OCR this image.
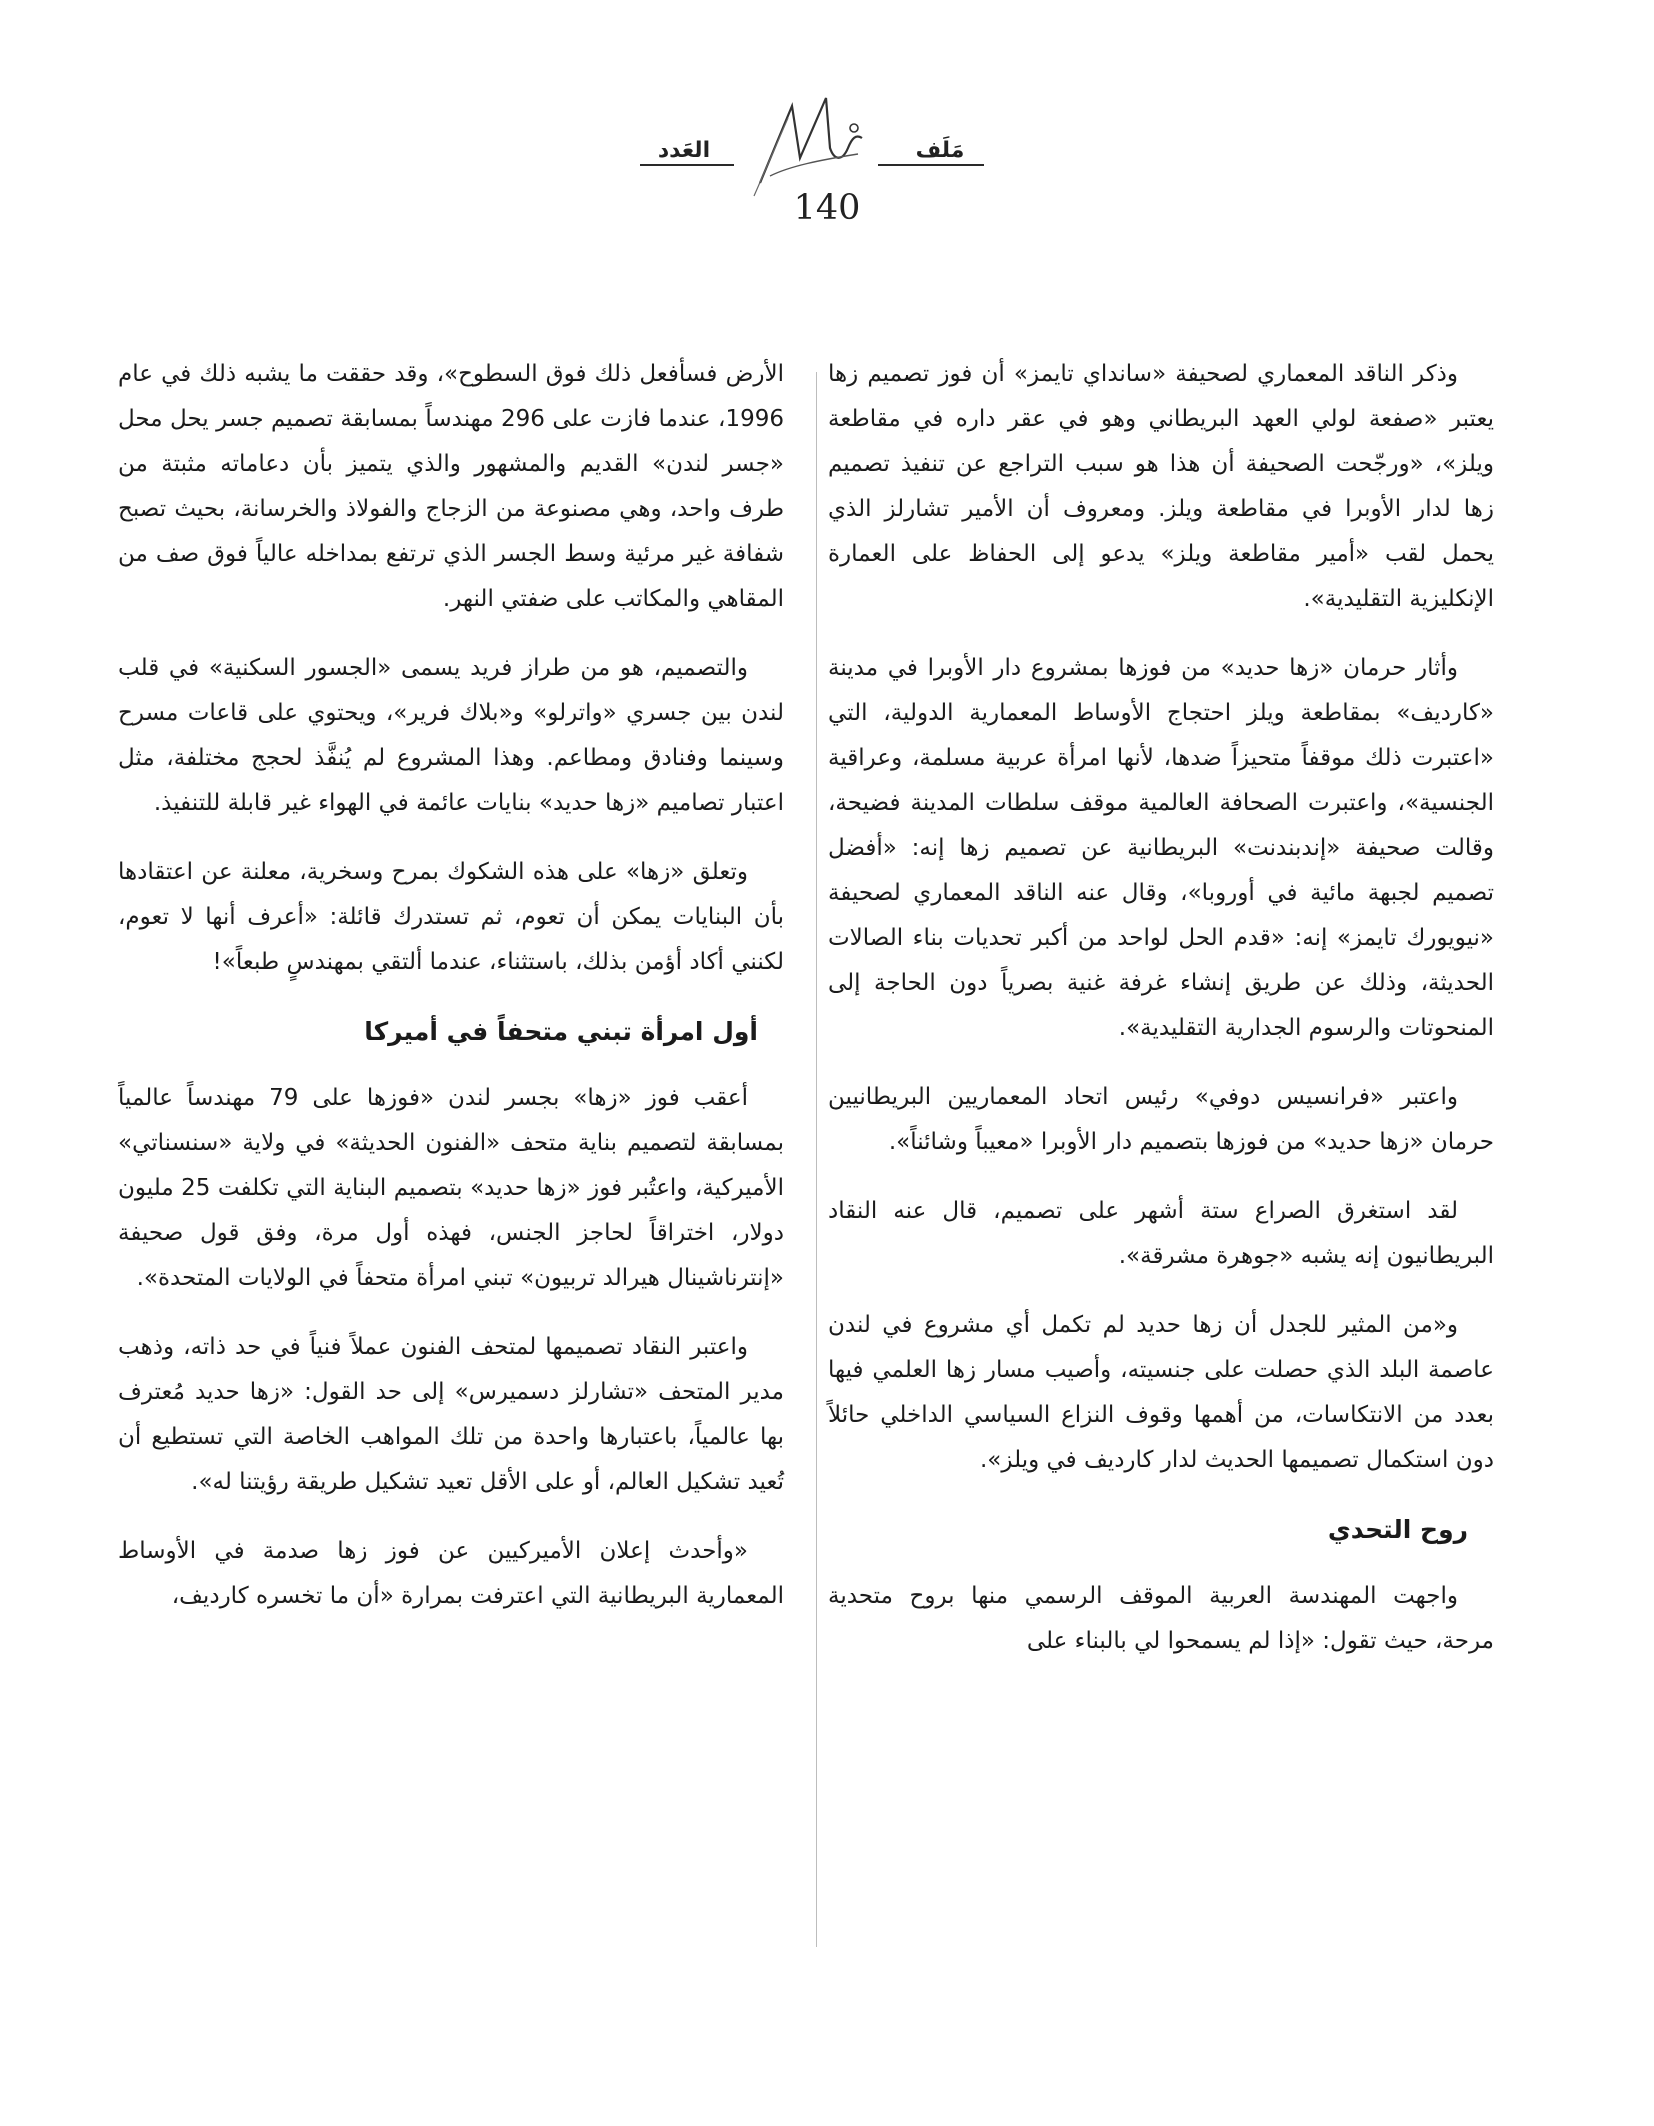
مَلَف
العَدد
140

وذكر الناقد المعماري لصحيفة «سانداي تايمز» أن فوز تصميم زها يعتبر «صفعة لولي العهد البريطاني وهو في عقر داره في مقاطعة ويلز»، «ورجّحت الصحيفة أن هذا هو سبب التراجع عن تنفيذ تصميم زها لدار الأوبرا في مقاطعة ويلز. ومعروف أن الأمير تشارلز الذي يحمل لقب «أمير مقاطعة ويلز» يدعو إلى الحفاظ على العمارة الإنكليزية التقليدية».

وأثار حرمان «زها حديد» من فوزها بمشروع دار الأوبرا في مدينة «كارديف» بمقاطعة ويلز احتجاج الأوساط المعمارية الدولية، التي «اعتبرت ذلك موقفاً متحيزاً ضدها، لأنها امرأة عربية مسلمة، وعراقية الجنسية»، واعتبرت الصحافة العالمية موقف سلطات المدينة فضيحة، وقالت صحيفة «إندبندنت» البريطانية عن تصميم زها إنه: «أفضل تصميم لجبهة مائية في أوروبا»، وقال عنه الناقد المعماري لصحيفة «نيويورك تايمز» إنه: «قدم الحل لواحد من أكبر تحديات بناء الصالات الحديثة، وذلك عن طريق إنشاء غرفة غنية بصرياً دون الحاجة إلى المنحوتات والرسوم الجدارية التقليدية».

واعتبر «فرانسيس دوفي» رئيس اتحاد المعماريين البريطانيين حرمان «زها حديد» من فوزها بتصميم دار الأوبرا «معيباً وشائناً».

لقد استغرق الصراع ستة أشهر على تصميم، قال عنه النقاد البريطانيون إنه يشبه «جوهرة مشرقة».

و«من المثير للجدل أن زها حديد لم تكمل أي مشروع في لندن عاصمة البلد الذي حصلت على جنسيته، وأصيب مسار زها العلمي فيها بعدد من الانتكاسات، من أهمها وقوف النزاع السياسي الداخلي حائلاً دون استكمال تصميمها الحديث لدار كارديف في ويلز».

روح التحدي

واجهت المهندسة العربية الموقف الرسمي منها بروح متحدية مرحة، حيث تقول: «إذا لم يسمحوا لي بالبناء على

الأرض فسأفعل ذلك فوق السطوح»، وقد حققت ما يشبه ذلك في عام 1996، عندما فازت على 296 مهندساً بمسابقة تصميم جسر يحل محل «جسر لندن» القديم والمشهور والذي يتميز بأن دعاماته مثبتة من طرف واحد، وهي مصنوعة من الزجاج والفولاذ والخرسانة، بحيث تصبح شفافة غير مرئية وسط الجسر الذي ترتفع بمداخله عالياً فوق صف من المقاهي والمكاتب على ضفتي النهر.

والتصميم، هو من طراز فريد يسمى «الجسور السكنية» في قلب لندن بين جسري «واترلو» و«بلاك فرير»، ويحتوي على قاعات مسرح وسينما وفنادق ومطاعم. وهذا المشروع لم يُنفَّذ لحجج مختلفة، مثل اعتبار تصاميم «زها حديد» بنايات عائمة في الهواء غير قابلة للتنفيذ.

وتعلق «زها» على هذه الشكوك بمرح وسخرية، معلنة عن اعتقادها بأن البنايات يمكن أن تعوم، ثم تستدرك قائلة: «أعرف أنها لا تعوم، لكنني أكاد أؤمن بذلك، باستثناء، عندما ألتقي بمهندسٍ طبعاً»!

أول امرأة تبني متحفاً في أميركا

أعقب فوز «زها» بجسر لندن «فوزها على 79 مهندساً عالمياً بمسابقة لتصميم بناية متحف «الفنون الحديثة» في ولاية «سنسناتي» الأميركية، واعتُبر فوز «زها حديد» بتصميم البناية التي تكلفت 25 مليون دولار، اختراقاً لحاجز الجنس، فهذه أول مرة، وفق قول صحيفة «إنترناشينال هيرالد تربيون» تبني امرأة متحفاً في الولايات المتحدة».

واعتبر النقاد تصميمها لمتحف الفنون عملاً فنياً في حد ذاته، وذهب مدير المتحف «تشارلز دسميرس» إلى حد القول: «زها حديد مُعترف بها عالمياً، باعتبارها واحدة من تلك المواهب الخاصة التي تستطيع أن تُعيد تشكيل العالم، أو على الأقل تعيد تشكيل طريقة رؤيتنا له».

«وأحدث إعلان الأميركيين عن فوز زها صدمة في الأوساط المعمارية البريطانية التي اعترفت بمرارة «أن ما تخسره كارديف،
